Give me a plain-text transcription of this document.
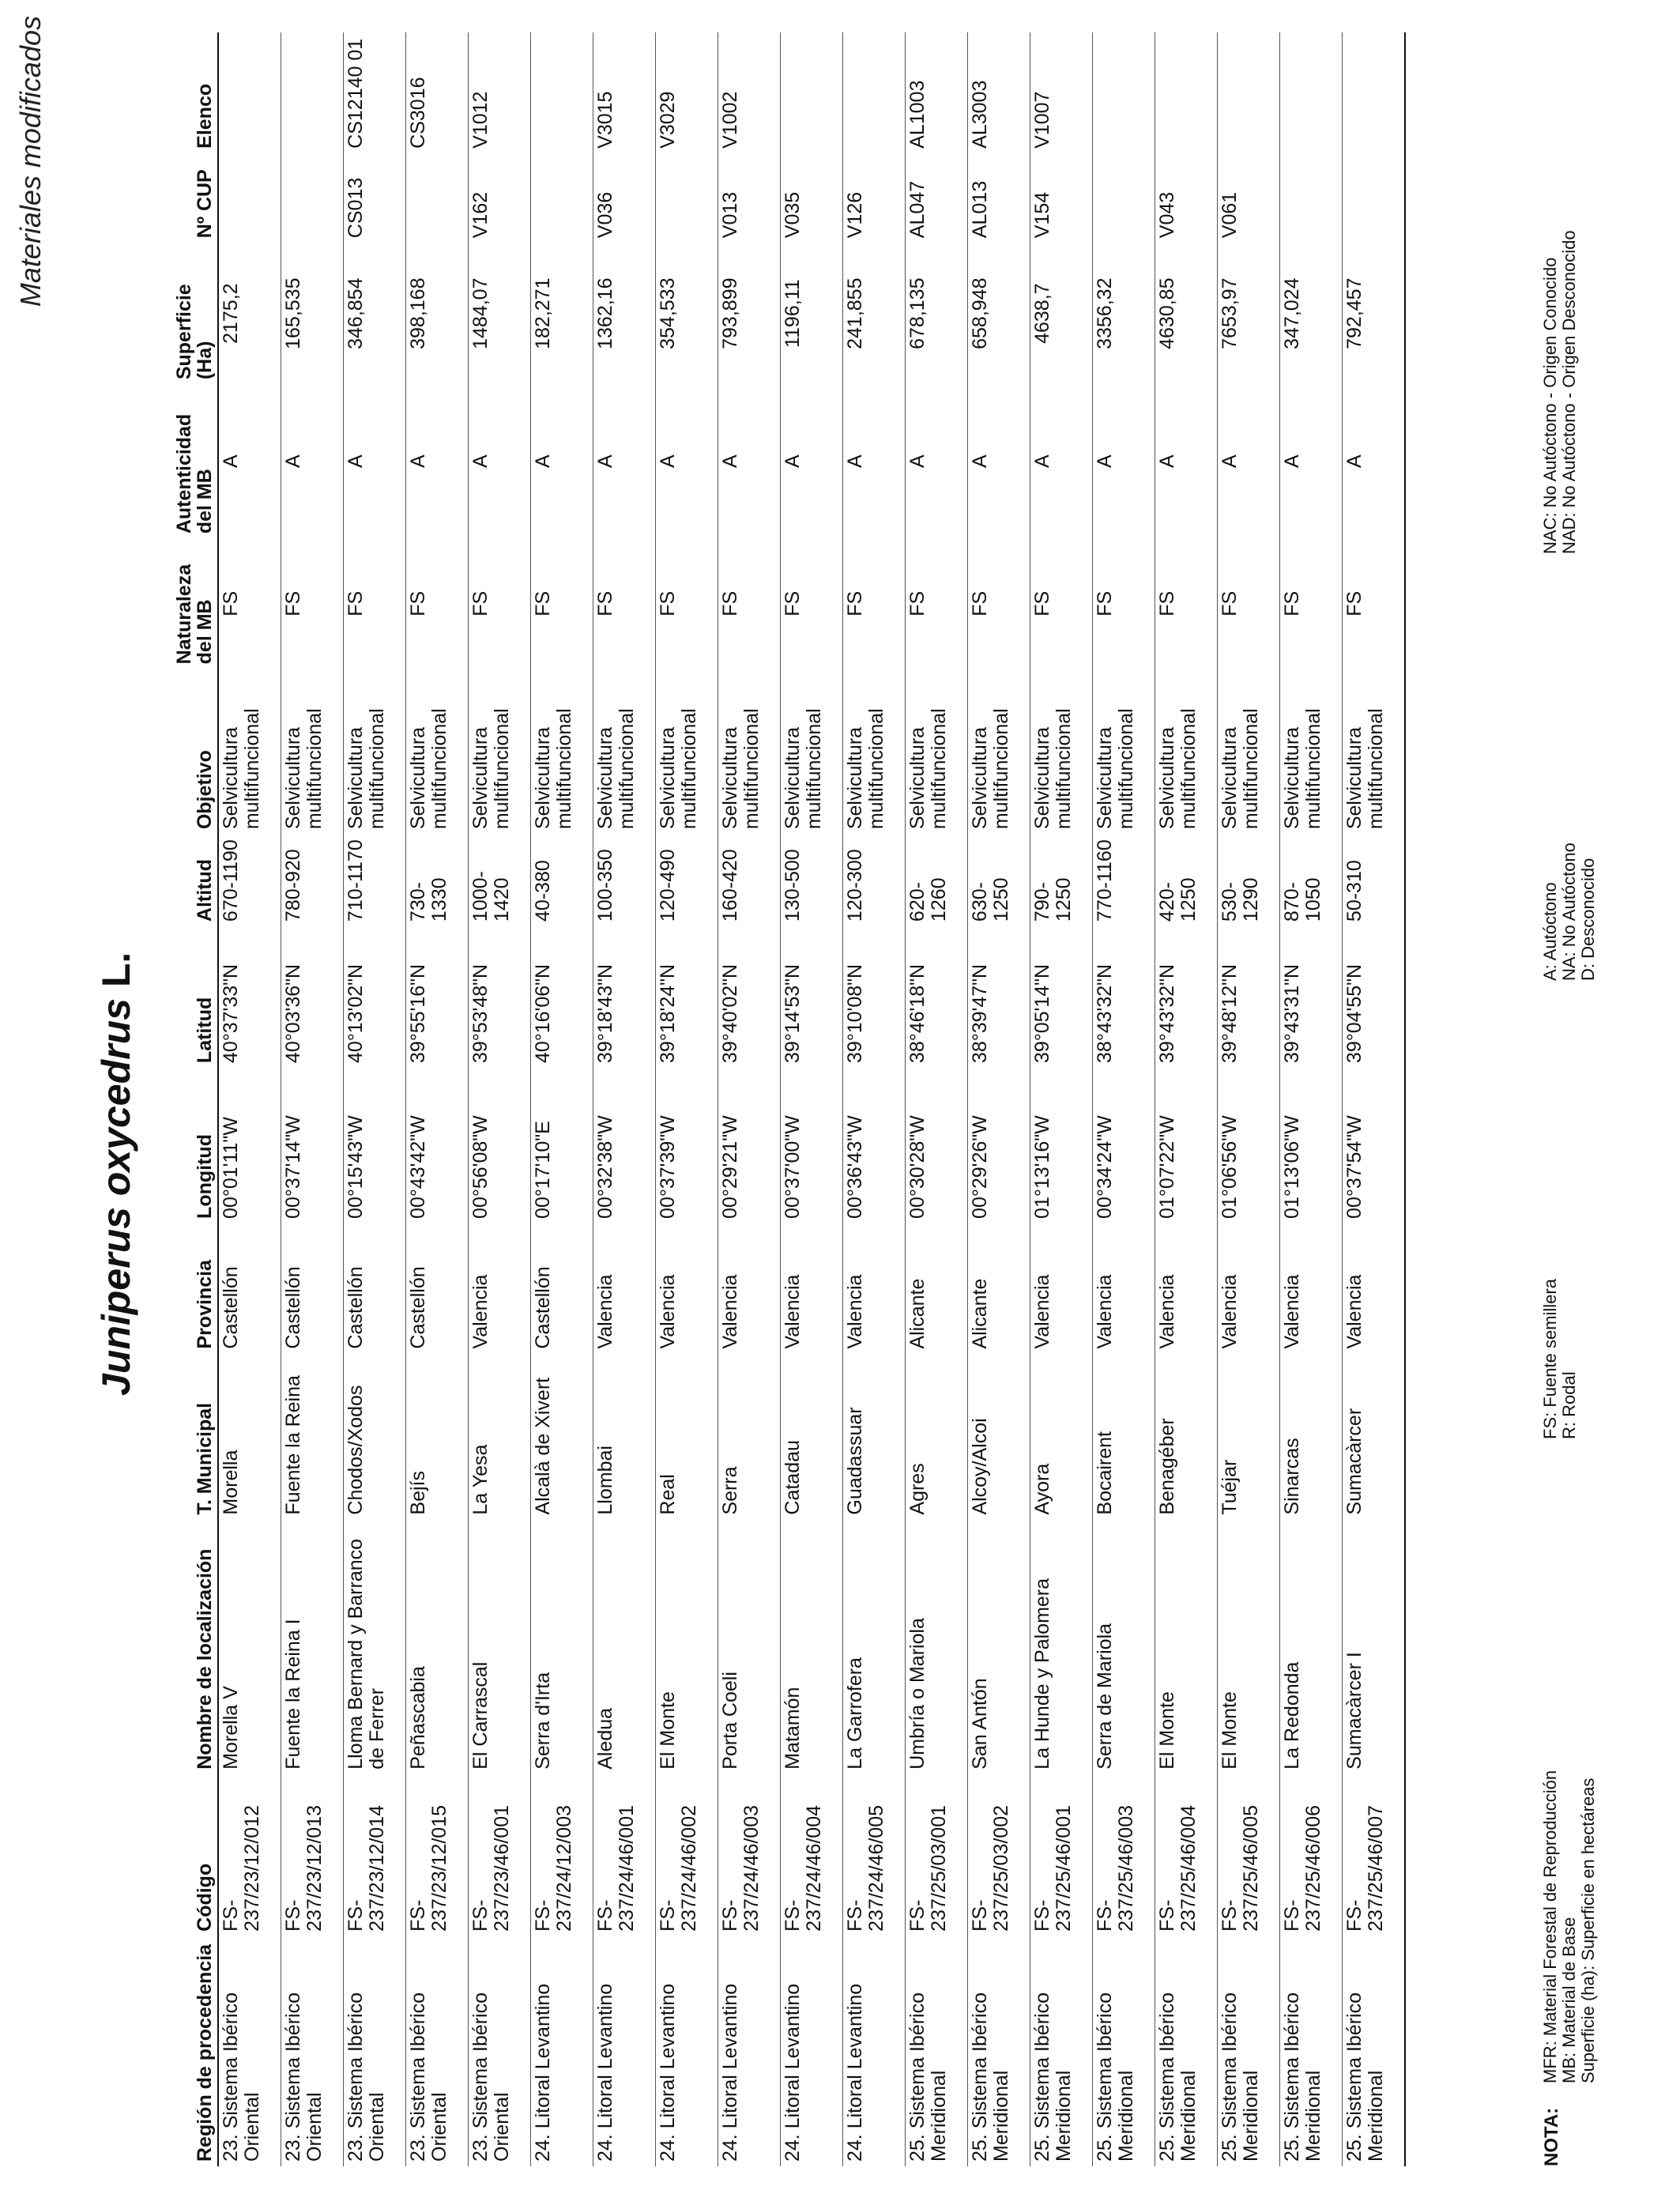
Materiales modificados
Juniperus oxycedrus L.
Región de procedencia	Código	Nombre de localización	T. Municipal	Provincia	Longitud	Latitud	Altitud	Objetivo	Naturaleza del MB	Autenticidad del MB	Superficie (Ha)	Nº CUP	Elenco
23. Sistema Ibérico Oriental	FS-237/23/12/012	Morella V	Morella	Castellón	00°01'11"W	40°37'33"N	670-1190	Selvicultura multifuncional	FS	A	2175,2		
23. Sistema Ibérico Oriental	FS-237/23/12/013	Fuente la Reina I	Fuente la Reina	Castellón	00°37'14"W	40°03'36"N	780-920	Selvicultura multifuncional	FS	A	165,535		
23. Sistema Ibérico Oriental	FS-237/23/12/014	Lloma Bernard y Barranco de Ferrer	Chodos/Xodos	Castellón	00°15'43"W	40°13'02"N	710-1170	Selvicultura multifuncional	FS	A	346,854	CS013	CS12140 01
23. Sistema Ibérico Oriental	FS-237/23/12/015	Peñascabia	Bejís	Castellón	00°43'42"W	39°55'16"N	730-1330	Selvicultura multifuncional	FS	A	398,168		CS3016
23. Sistema Ibérico Oriental	FS-237/23/46/001	El Carrascal	La Yesa	Valencia	00°56'08"W	39°53'48"N	1000-1420	Selvicultura multifuncional	FS	A	1484,07	V162	V1012
24. Litoral Levantino	FS-237/24/12/003	Serra d'Irta	Alcalà de Xivert	Castellón	00°17'10"E	40°16'06"N	40-380	Selvicultura multifuncional	FS	A	182,271		
24. Litoral Levantino	FS-237/24/46/001	Aledua	Llombai	Valencia	00°32'38"W	39°18'43"N	100-350	Selvicultura multifuncional	FS	A	1362,16	V036	V3015
24. Litoral Levantino	FS-237/24/46/002	El Monte	Real	Valencia	00°37'39"W	39°18'24"N	120-490	Selvicultura multifuncional	FS	A	354,533		V3029
24. Litoral Levantino	FS-237/24/46/003	Porta Coeli	Serra	Valencia	00°29'21"W	39°40'02"N	160-420	Selvicultura multifuncional	FS	A	793,899	V013	V1002
24. Litoral Levantino	FS-237/24/46/004	Matamón	Catadau	Valencia	00°37'00"W	39°14'53"N	130-500	Selvicultura multifuncional	FS	A	1196,11	V035	
24. Litoral Levantino	FS-237/24/46/005	La Garrofera	Guadassuar	Valencia	00°36'43"W	39°10'08"N	120-300	Selvicultura multifuncional	FS	A	241,855	V126	
25. Sistema Ibérico Meridional	FS-237/25/03/001	Umbría o Mariola	Agres	Alicante	00°30'28"W	38°46'18"N	620-1260	Selvicultura multifuncional	FS	A	678,135	AL047	AL1003
25. Sistema Ibérico Meridional	FS-237/25/03/002	San Antón	Alcoy/Alcoi	Alicante	00°29'26"W	38°39'47"N	630-1250	Selvicultura multifuncional	FS	A	658,948	AL013	AL3003
25. Sistema Ibérico Meridional	FS-237/25/46/001	La Hunde y Palomera	Ayora	Valencia	01°13'16"W	39°05'14"N	790-1250	Selvicultura multifuncional	FS	A	4638,7	V154	V1007
25. Sistema Ibérico Meridional	FS-237/25/46/003	Serra de Mariola	Bocairent	Valencia	00°34'24"W	38°43'32"N	770-1160	Selvicultura multifuncional	FS	A	3356,32		
25. Sistema Ibérico Meridional	FS-237/25/46/004	El Monte	Benagéber	Valencia	01°07'22"W	39°43'32"N	420-1250	Selvicultura multifuncional	FS	A	4630,85	V043	
25. Sistema Ibérico Meridional	FS-237/25/46/005	El Monte	Tuéjar	Valencia	01°06'56"W	39°48'12"N	530-1290	Selvicultura multifuncional	FS	A	7653,97	V061	
25. Sistema Ibérico Meridional	FS-237/25/46/006	La Redonda	Sinarcas	Valencia	01°13'06"W	39°43'31"N	870-1050	Selvicultura multifuncional	FS	A	347,024		
25. Sistema Ibérico Meridional	FS-237/25/46/007	Sumacàrcer I	Sumacàrcer	Valencia	00°37'54"W	39°04'55"N	50-310	Selvicultura multifuncional	FS	A	792,457		
NOTA:
MFR: Material Forestal de Reproducción MB: Material de Base Superficie (ha): Superficie en hectáreas
FS: Fuente semillera R: Rodal
A: Autóctono NA: No Autóctono D: Desconocido
NAC: No Autóctono - Origen Conocido NAD: No Autóctono - Origen Desconocido
